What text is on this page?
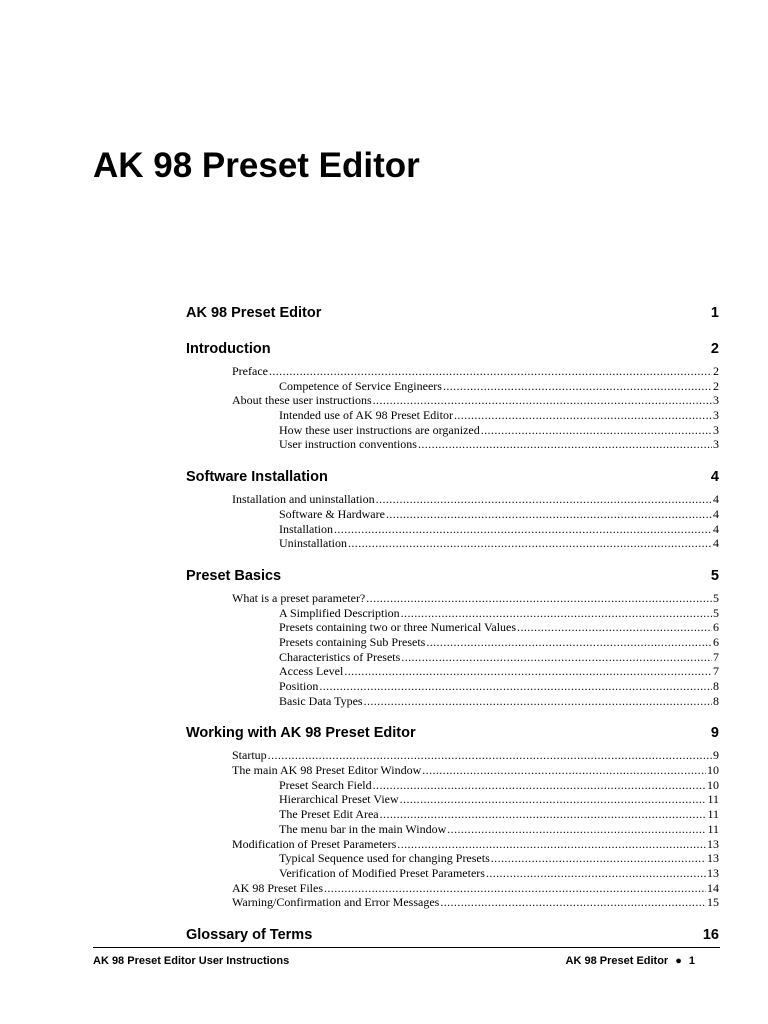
AK 98 Preset Editor
AK 98 Preset Editor	1
Introduction	2
Preface .....	2
Competence of Service Engineers .....	2
About these user instructions .....	3
Intended use of AK 98 Preset Editor .....	3
How these user instructions are organized .....	3
User instruction conventions .....	3
Software Installation	4
Installation and uninstallation .....	4
Software & Hardware .....	4
Installation .....	4
Uninstallation .....	4
Preset Basics	5
What is a preset parameter? .....	5
A Simplified Description .....	5
Presets containing two or three Numerical Values .....	6
Presets containing Sub Presets .....	6
Characteristics of Presets .....	7
Access Level .....	7
Position .....	8
Basic Data Types .....	8
Working with AK 98 Preset Editor	9
Startup .....	9
The main AK 98 Preset Editor Window .....	10
Preset Search Field .....	10
Hierarchical Preset View .....	11
The Preset Edit Area .....	11
The menu bar in the main Window .....	11
Modification of Preset Parameters .....	13
Typical Sequence used for changing Presets .....	13
Verification of Modified Preset Parameters .....	13
AK 98 Preset Files .....	14
Warning/Confirmation and Error Messages .....	15
Glossary of Terms	16
AK 98 Preset Editor User Instructions	AK 98 Preset Editor ● 1
